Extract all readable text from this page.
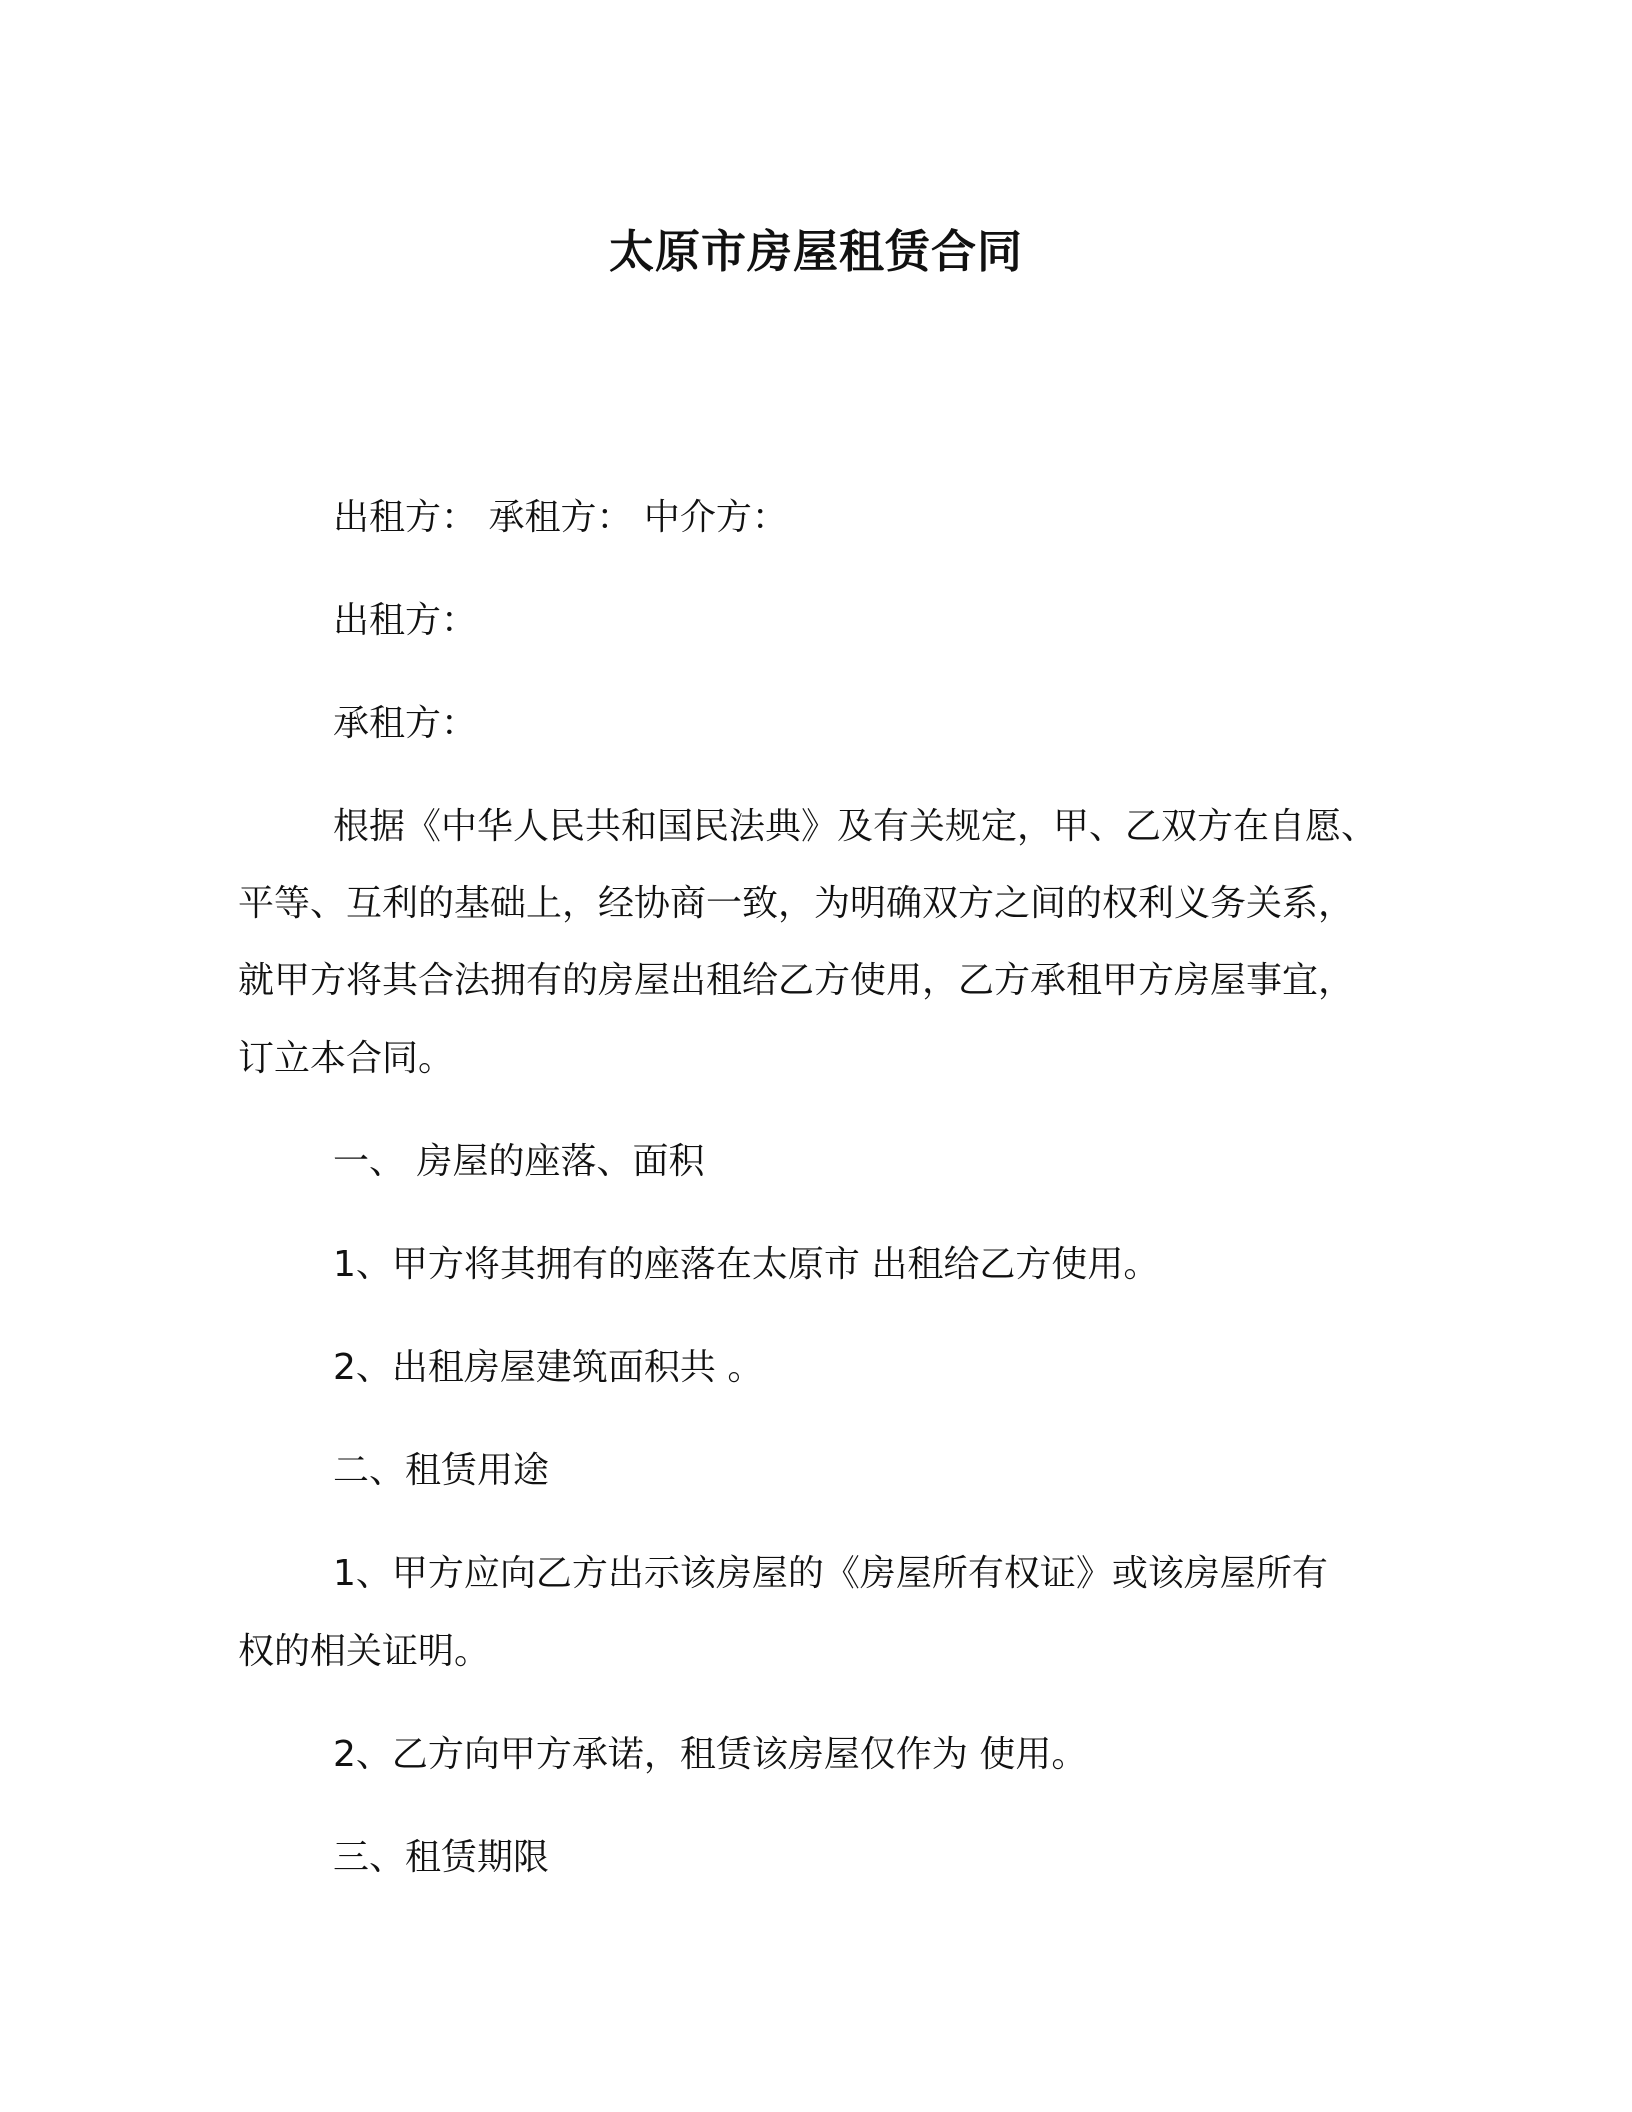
太原市房屋租赁合同
出租方： 承租方： 中介方：
出租方：
承租方：
根据《中华人民共和国民法典》及有关规定，甲、乙双方在自愿、
平等、互利的基础上，经协商一致，为明确双方之间的权利义务关系，
就甲方将其合法拥有的房屋出租给乙方使用，乙方承租甲方房屋事宜，
订立本合同。
一、 房屋的座落、面积
1、甲方将其拥有的座落在太原市 出租给乙方使用。
2、出租房屋建筑面积共 。
二、租赁用途
1、甲方应向乙方出示该房屋的《房屋所有权证》或该房屋所有
权的相关证明。
2、乙方向甲方承诺，租赁该房屋仅作为 使用。
三、租赁期限
